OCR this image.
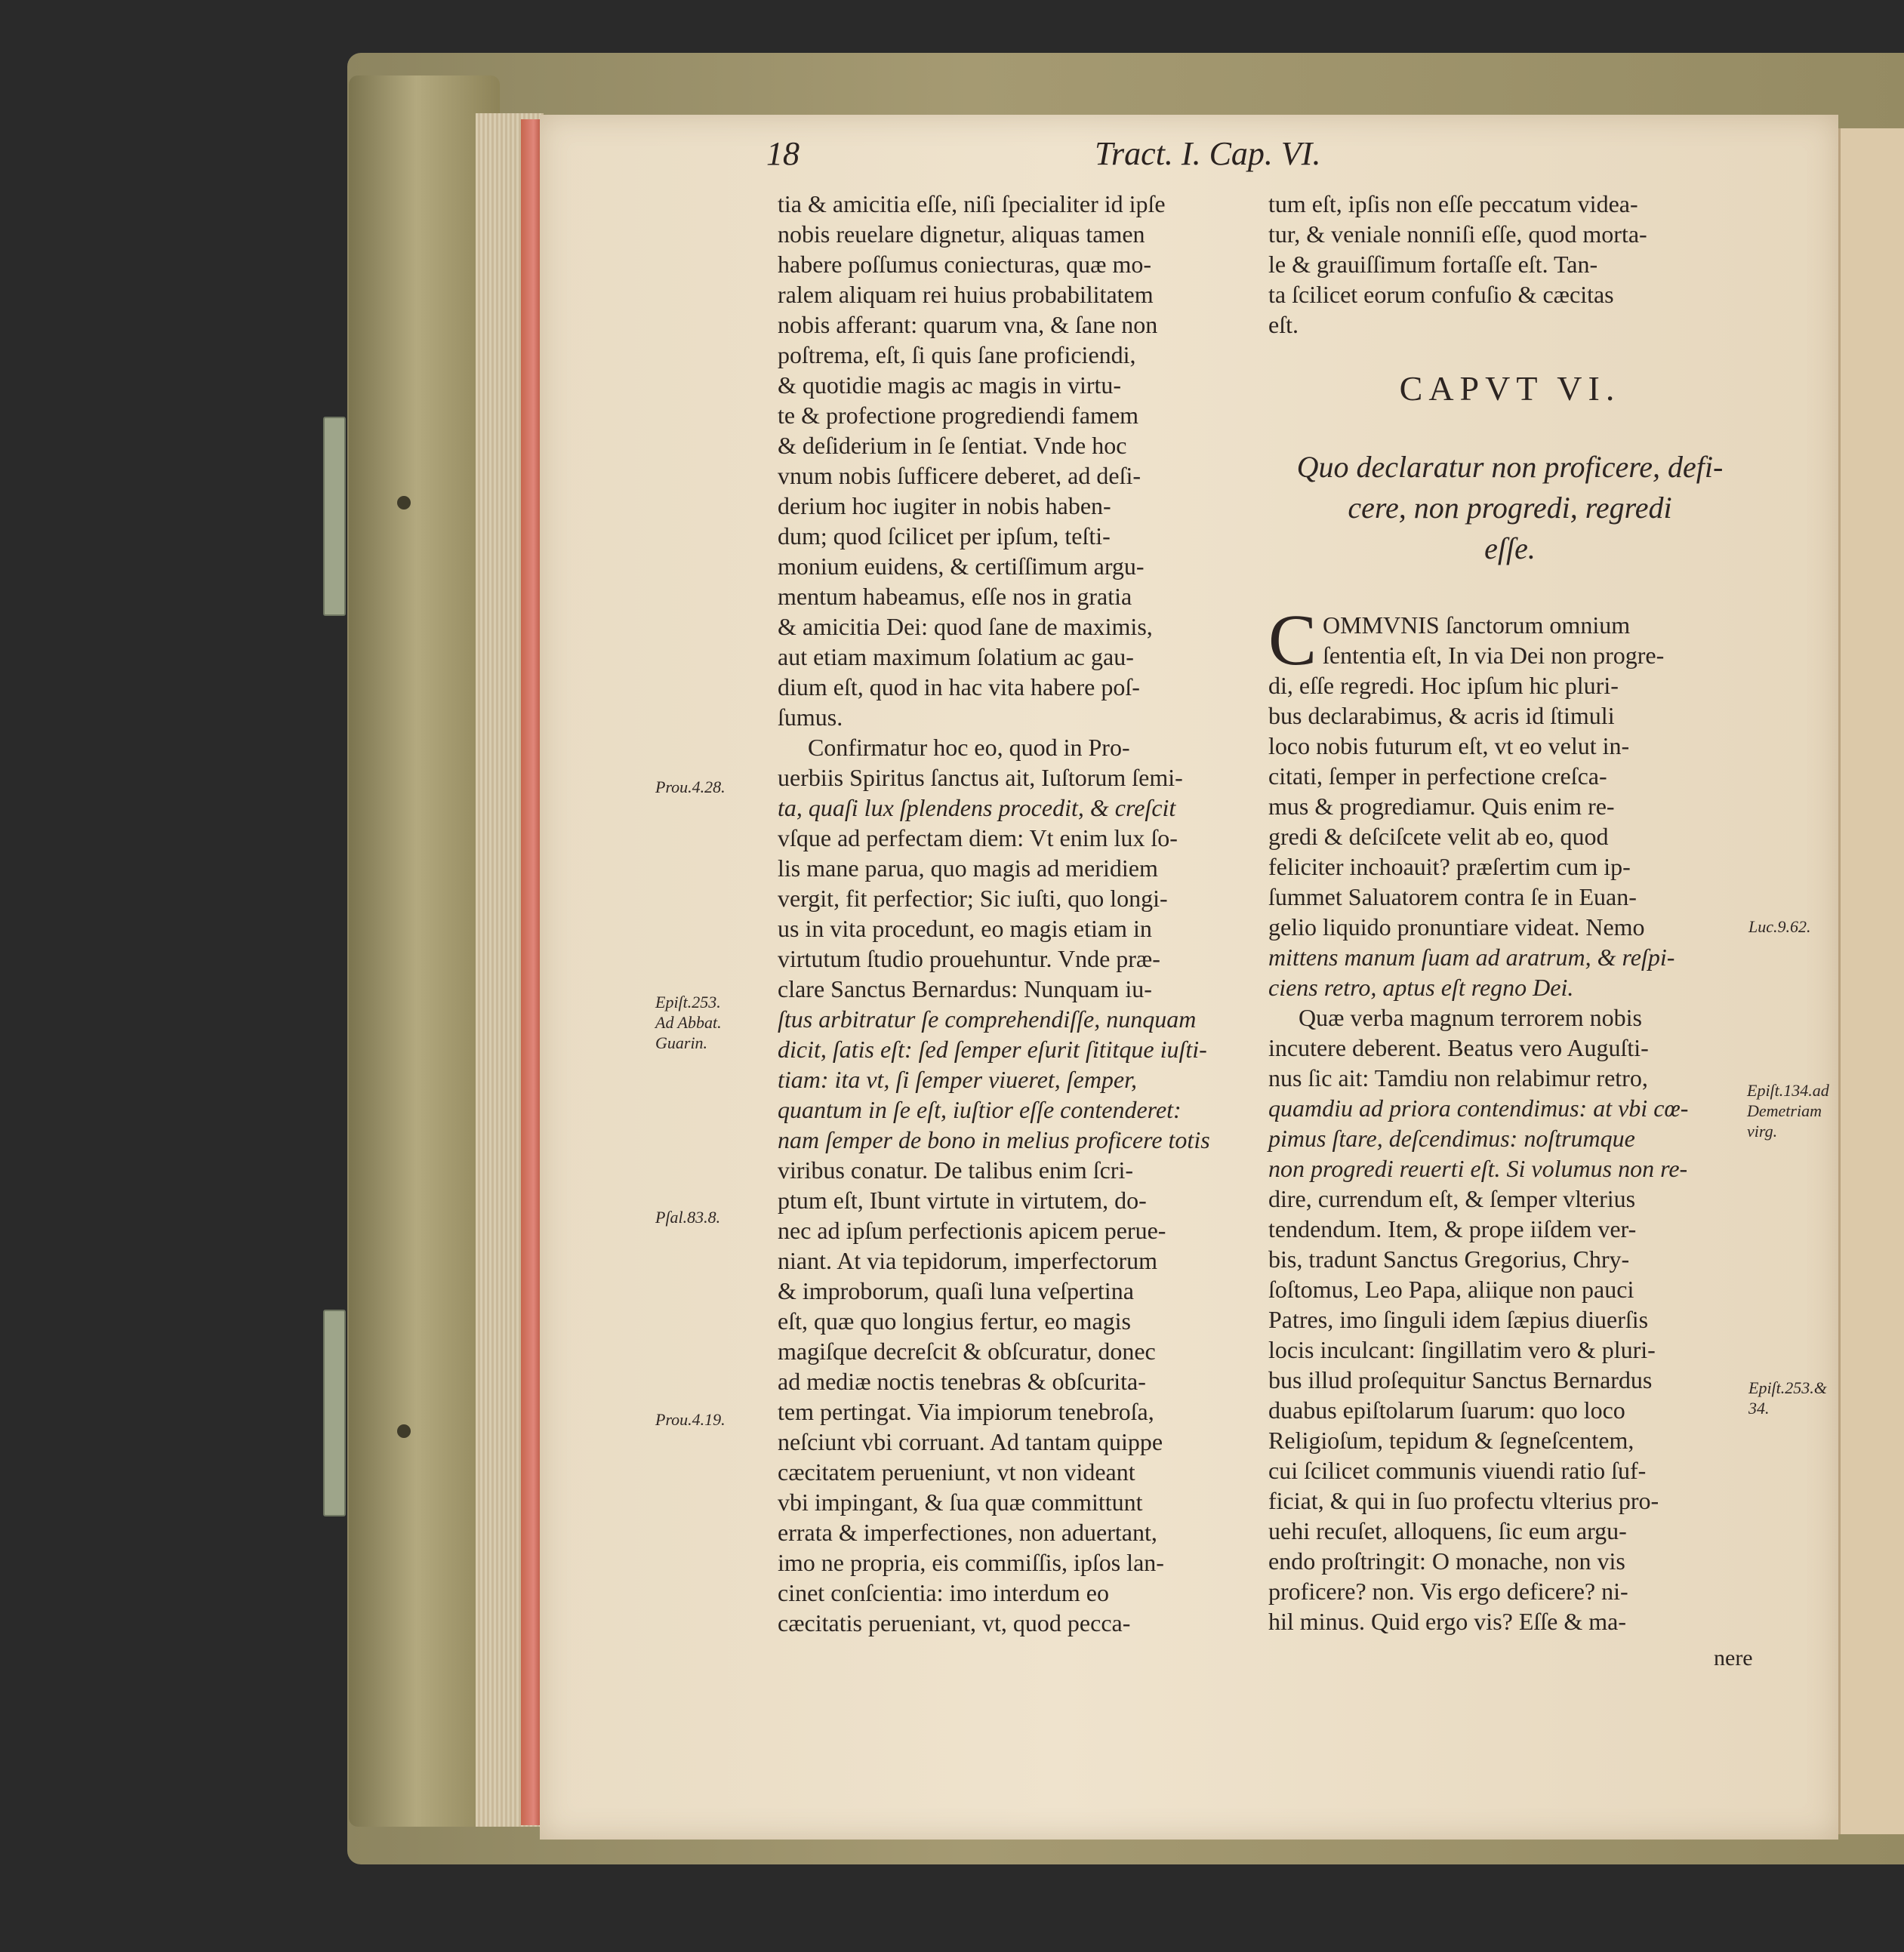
18	Tract. I. Cap. VI.
tia & amicitia eſſe, niſi ſpecialiter id ipſe
nobis reuelare dignetur, aliquas tamen
habere poſſumus coniecturas, quæ mo-
ralem aliquam rei huius probabilitatem
nobis afferant: quarum vna, & ſane non
poſtrema, eſt, ſi quis ſane proficiendi,
& quotidie magis ac magis in virtu-
te & profectione progrediendi famem
& deſiderium in ſe ſentiat. Vnde hoc
vnum nobis ſufficere deberet, ad deſi-
derium hoc iugiter in nobis haben-
dum; quod ſcilicet per ipſum, teſti-
monium euidens, & certiſſimum argu-
mentum habeamus, eſſe nos in gratia
& amicitia Dei: quod ſane de maximis,
aut etiam maximum ſolatium ac gau-
dium eſt, quod in hac vita habere poſ-
ſumus.
Confirmatur hoc eo, quod in Pro-
uerbiis Spiritus ſanctus ait, Iuſtorum ſemi-
ta, quaſi lux ſplendens procedit, & creſcit
vſque ad perfectam diem: Vt enim lux ſo-
lis mane parua, quo magis ad meridiem
vergit, fit perfectior; Sic iuſti, quo longi-
us in vita procedunt, eo magis etiam in
virtutum ſtudio prouehuntur. Vnde præ-
clare Sanctus Bernardus: Nunquam iu-
ſtus arbitratur ſe comprehendiſſe, nunquam
dicit, ſatis eſt: ſed ſemper eſurit ſititque iuſti-
tiam: ita vt, ſi ſemper viueret, ſemper,
quantum in ſe eſt, iuſtior eſſe contenderet:
nam ſemper de bono in melius proficere totis
viribus conatur. De talibus enim ſcri-
ptum eſt, Ibunt virtute in virtutem, do-
nec ad ipſum perfectionis apicem perue-
niant. At via tepidorum, imperfectorum
& improborum, quaſi luna veſpertina
eſt, quæ quo longius fertur, eo magis
magiſque decreſcit & obſcuratur, donec
ad mediæ noctis tenebras & obſcurita-
tem pertingat. Via impiorum tenebroſa,
neſciunt vbi corruant. Ad tantam quippe
cæcitatem perueniunt, vt non videant
vbi impingant, & ſua quæ committunt
errata & imperfectiones, non aduertant,
imo ne propria, eis commiſſis, ipſos lan-
cinet conſcientia: imo interdum eo
cæcitatis perueniant, vt, quod pecca-
tum eſt, ipſis non eſſe peccatum videa-
tur, & veniale nonniſi eſſe, quod morta-
le & grauiſſimum fortaſſe eſt. Tan-
ta ſcilicet eorum confuſio & cæcitas
eſt.
CAPVT VI.
Quo declaratur non proficere, defi-
cere, non progredi, regredi
eſſe.
C OMMVNIS ſanctorum omnium
ſententia eſt, In via Dei non progre-
di, eſſe regredi. Hoc ipſum hic pluri-
bus declarabimus, & acris id ſtimuli
loco nobis futurum eſt, vt eo velut in-
citati, ſemper in perfectione creſca-
mus & progrediamur. Quis enim re-
gredi & deſciſcete velit ab eo, quod
feliciter inchoauit? præſertim cum ip-
ſummet Saluatorem contra ſe in Euan-
gelio liquido pronuntiare videat. Nemo
mittens manum ſuam ad aratrum, & reſpi-
ciens retro, aptus eſt regno Dei.
Quæ verba magnum terrorem nobis
incutere deberent. Beatus vero Auguſti-
nus ſic ait: Tamdiu non relabimur retro,
quamdiu ad priora contendimus: at vbi cœ-
pimus ſtare, deſcendimus: noſtrumque
non progredi reuerti eſt. Si volumus non re-
dire, currendum eſt, & ſemper vlterius
tendendum. Item, & prope iiſdem ver-
bis, tradunt Sanctus Gregorius, Chry-
ſoſtomus, Leo Papa, aliique non pauci
Patres, imo ſinguli idem ſæpius diuerſis
locis inculcant: ſingillatim vero & pluri-
bus illud proſequitur Sanctus Bernardus
duabus epiſtolarum ſuarum: quo loco
Religioſum, tepidum & ſegneſcentem,
cui ſcilicet communis viuendi ratio ſuf-
ficiat, & qui in ſuo profectu vlterius pro-
uehi recuſet, alloquens, ſic eum argu-
endo proſtringit: O monache, non vis
proficere? non. Vis ergo deficere? ni-
hil minus. Quid ergo vis? Eſſe & ma-
nere
Prou.4.28.
Epiſt.253.
Ad Abbat.
Guarin.
Pſal.83.8.
Prou.4.19.
Luc.9.62.
Epiſt.134.ad
Demetriam
virg.
Epiſt.253.&
34.
